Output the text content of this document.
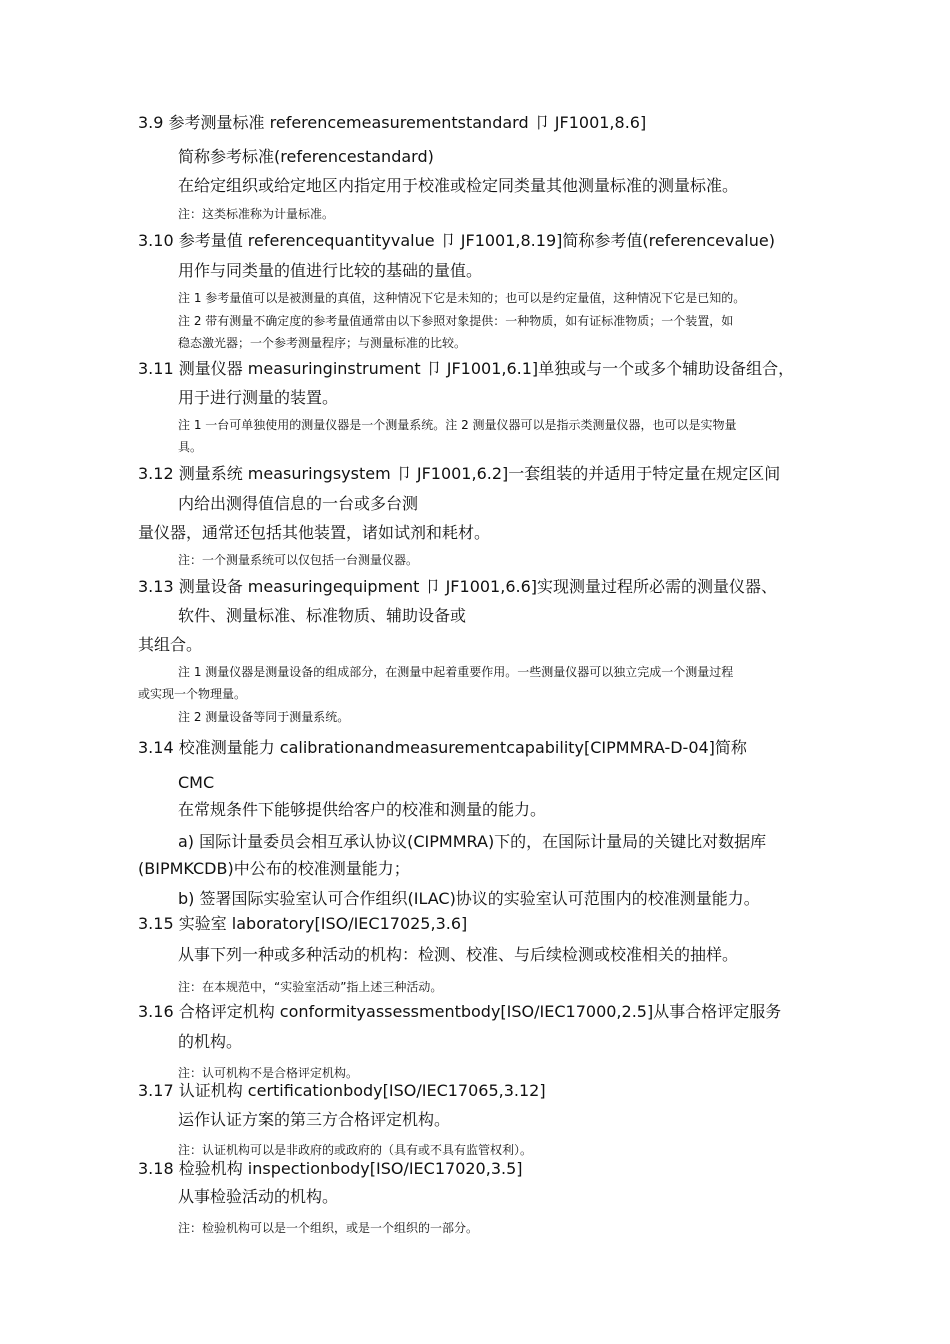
3.9 参考测量标准 referencemeasurementstandard 卩 JF1001,8.6]
简称参考标准(referencestandard)
在给定组织或给定地区内指定用于校准或检定同类量其他测量标准的测量标准。
注：这类标准称为计量标准。
3.10 参考量值 referencequantityvalue 卩 JF1001,8.19]简称参考值(referencevalue)
用作与同类量的值进行比较的基础的量值。
注 1 参考量值可以是被测量的真值，这种情况下它是未知的；也可以是约定量值，这种情况下它是已知的。
注 2 带有测量不确定度的参考量值通常由以下参照对象提供：一种物质，如有证标准物质；一个装置，如
稳态激光器；一个参考测量程序；与测量标准的比较。
3.11 测量仪器 measuringinstrument 卩 JF1001,6.1]单独或与一个或多个辅助设备组合，
用于进行测量的装置。
注 1 一台可单独使用的测量仪器是一个测量系统。注 2 测量仪器可以是指示类测量仪器，也可以是实物量
具。
3.12 测量系统 measuringsystem 卩 JF1001,6.2]一套组装的并适用于特定量在规定区间
内给出测得值信息的一台或多台测
量仪器，通常还包括其他装置，诸如试剂和耗材。
注：一个测量系统可以仅包括一台测量仪器。
3.13 测量设备 measuringequipment 卩 JF1001,6.6]实现测量过程所必需的测量仪器、
软件、测量标准、标准物质、辅助设备或
其组合。
注 1 测量仪器是测量设备的组成部分，在测量中起着重要作用。一些测量仪器可以独立完成一个测量过程
或实现一个物理量。
注 2 测量设备等同于测量系统。
3.14 校准测量能力 calibrationandmeasurementcapability[CIPMMRA-D-04]简称
CMC
在常规条件下能够提供给客户的校准和测量的能力。
a) 国际计量委员会相互承认协议(CIPMMRA)下的，在国际计量局的关键比对数据库
(BIPMKCDB)中公布的校准测量能力；
b) 签署国际实验室认可合作组织(ILAC)协议的实验室认可范围内的校准测量能力。
3.15 实验室 laboratory[ISO/IEC17025,3.6]
从事下列一种或多种活动的机构：检测、校准、与后续检测或校准相关的抽样。
注：在本规范中，“实验室活动”指上述三种活动。
3.16 合格评定机构 conformityassessmentbody[ISO/IEC17000,2.5]从事合格评定服务
的机构。
注：认可机构不是合格评定机构。
3.17 认证机构 certificationbody[ISO/IEC17065,3.12]
运作认证方案的第三方合格评定机构。
注：认证机构可以是非政府的或政府的（具有或不具有监管权利）。
3.18 检验机构 inspectionbody[ISO/IEC17020,3.5]
从事检验活动的机构。
注：检验机构可以是一个组织，或是一个组织的一部分。
